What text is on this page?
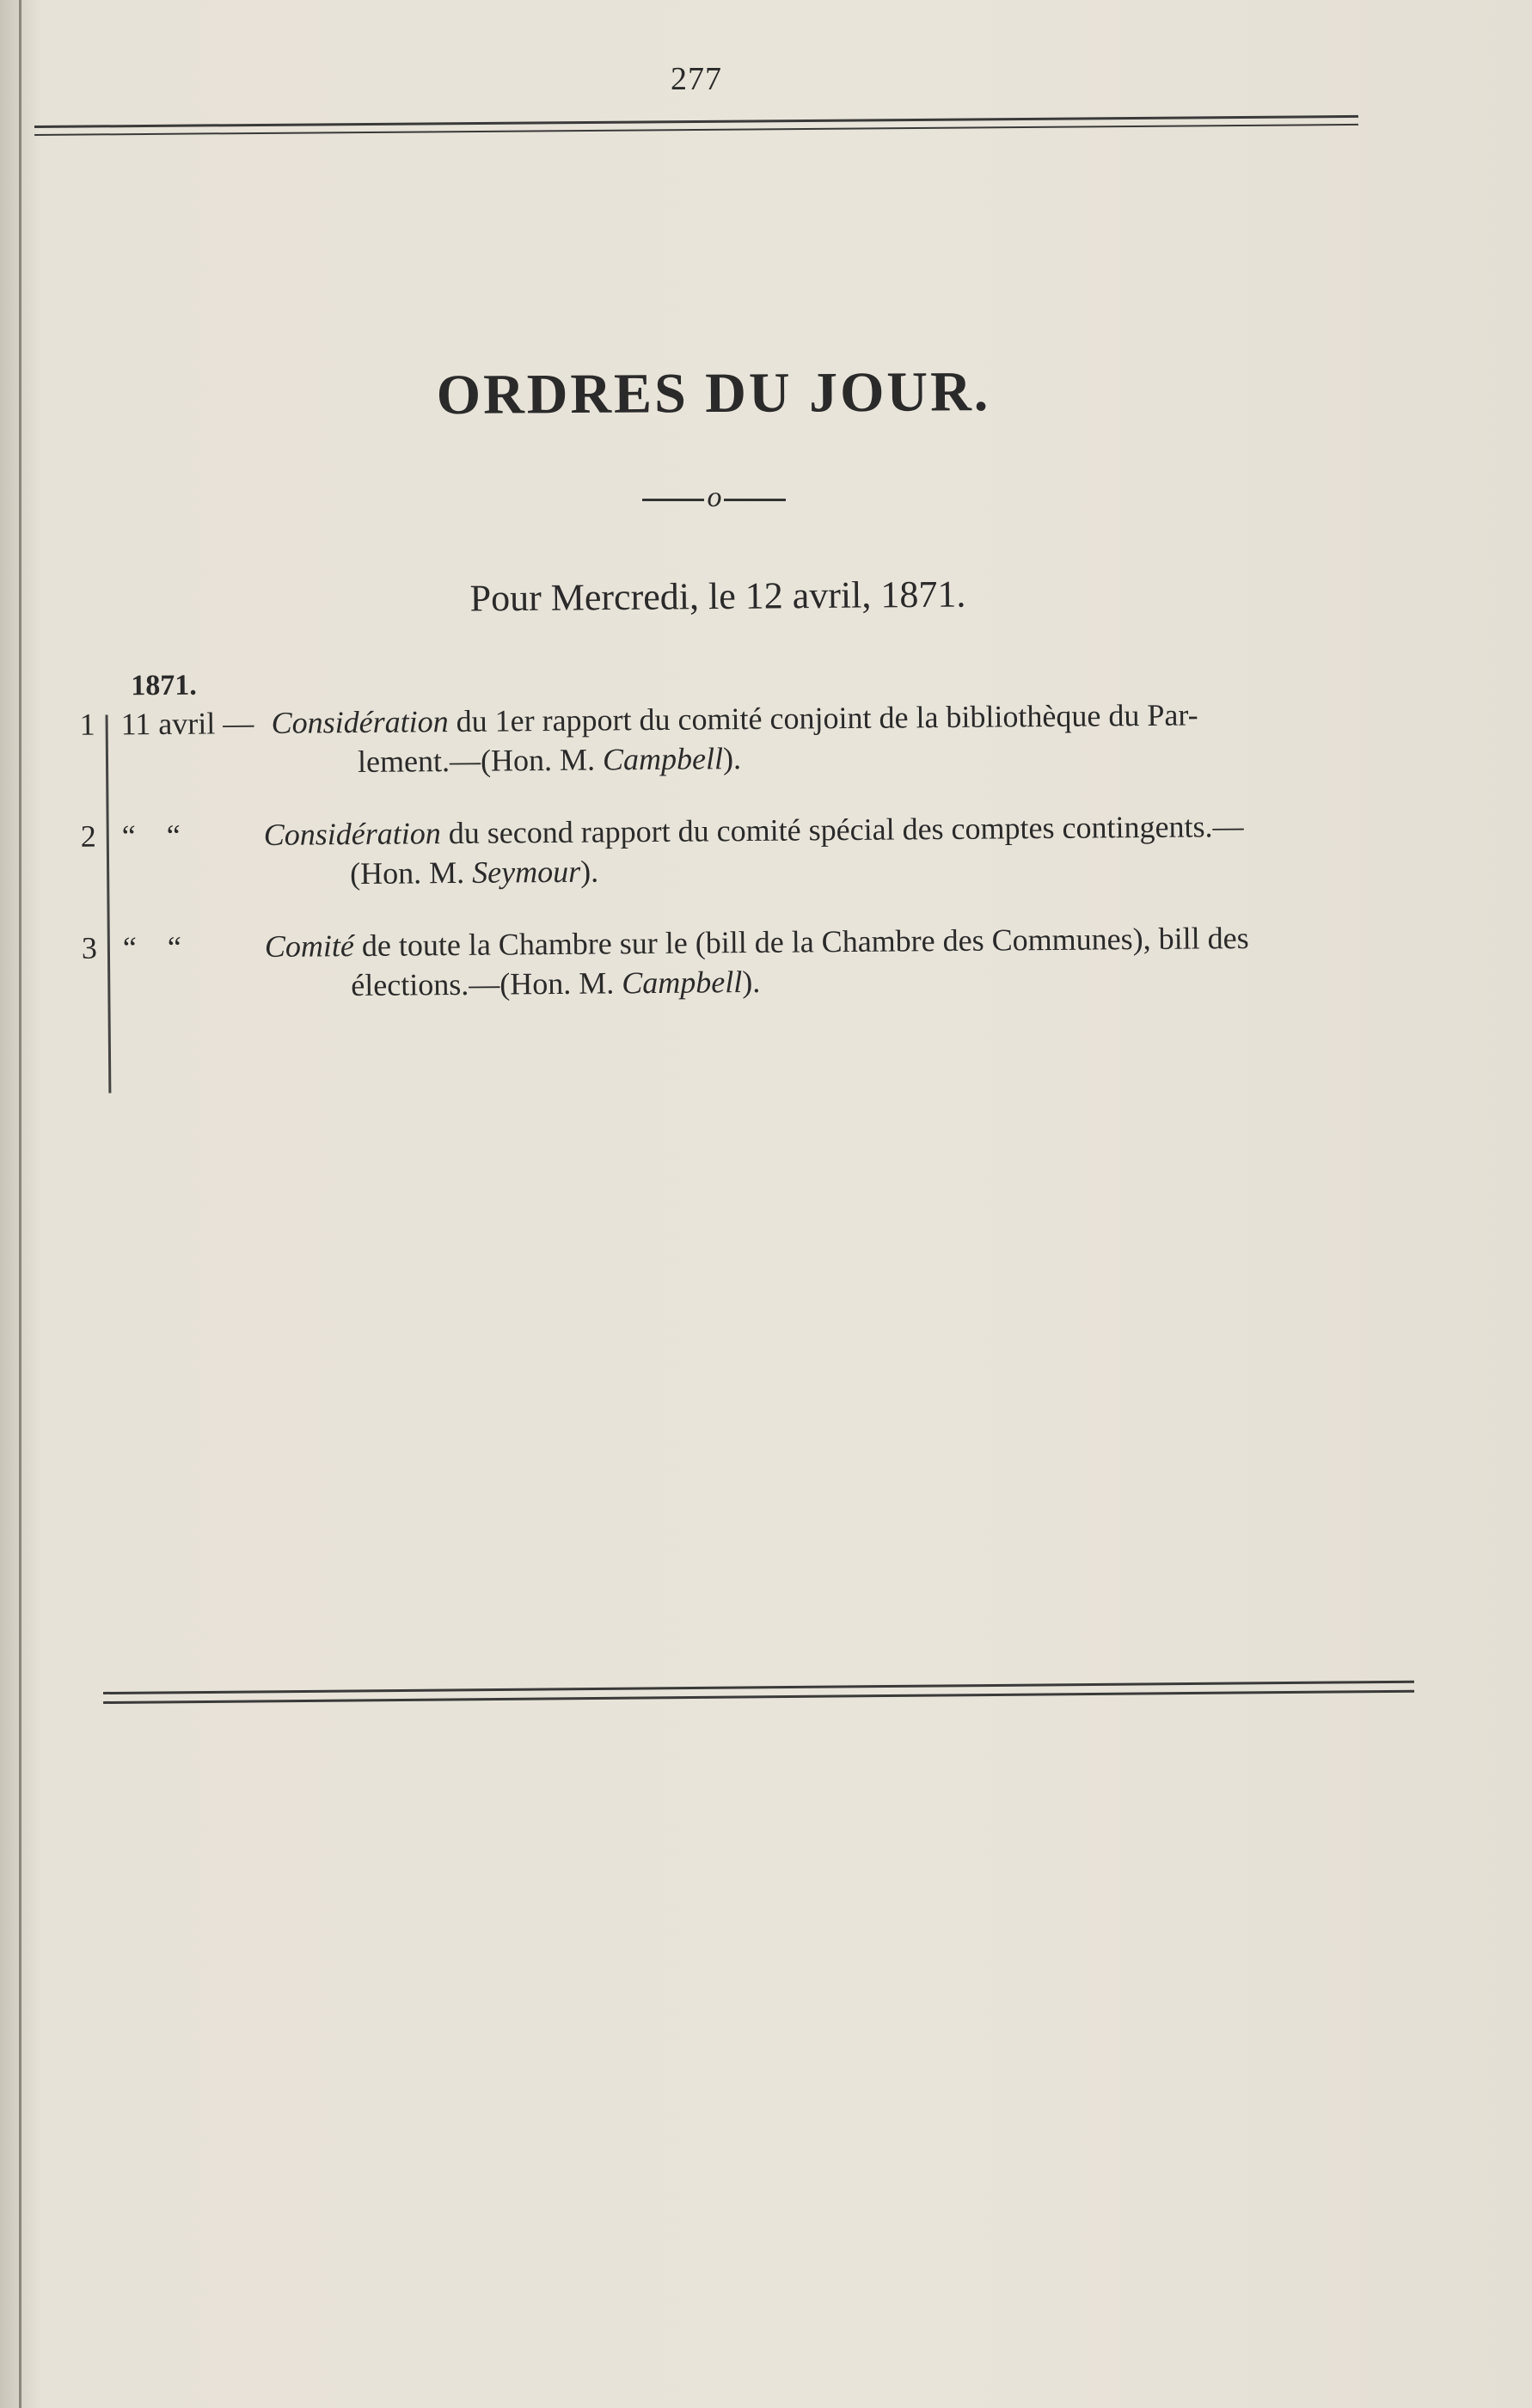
277
ORDRES DU JOUR.
o
Pour Mercredi, le 12 avril, 1871.
1871.
1 11 avril — Considération du 1er rapport du comité conjoint de la bibliothèque du Par-
lement.—(Hon. M. Campbell).
2 “    “	Considération du second rapport du comité spécial des comptes contingents.—
(Hon. M. Seymour).
3 “    “	Comité de toute la Chambre sur le (bill de la Chambre des Communes), bill des
élections.—(Hon. M. Campbell).
